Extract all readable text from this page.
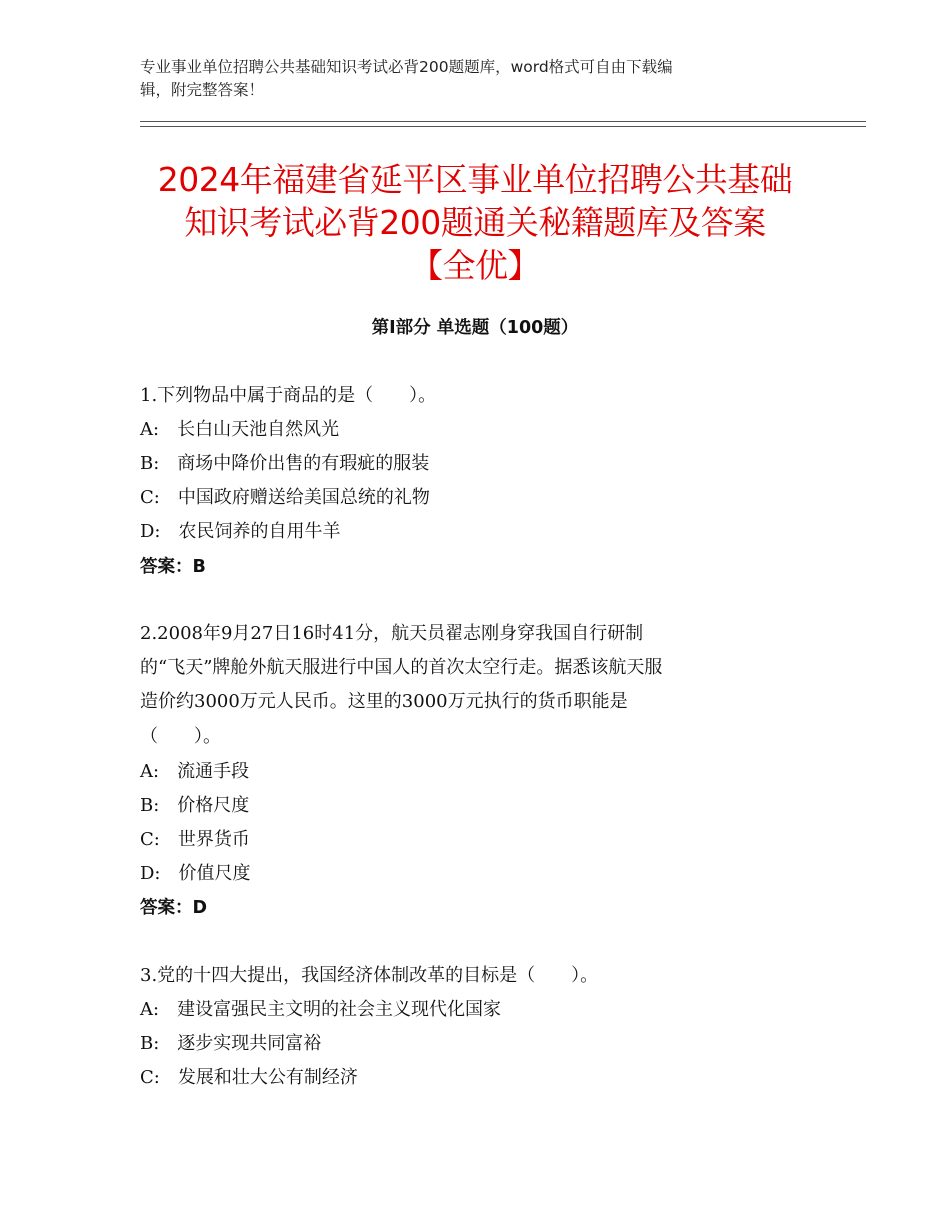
专业事业单位招聘公共基础知识考试必背200题题库，word格式可自由下载编
辑，附完整答案！
2024年福建省延平区事业单位招聘公共基础
知识考试必背200题通关秘籍题库及答案
【全优】
第Ⅰ部分 单选题（100题）
1.下列物品中属于商品的是（　　）。
A:　长白山天池自然风光
B:　商场中降价出售的有瑕疵的服装
C:　中国政府赠送给美国总统的礼物
D:　农民饲养的自用牛羊
答案：B
2.2008年9月27日16时41分，航天员翟志刚身穿我国自行研制
的“飞天”牌舱外航天服进行中国人的首次太空行走。据悉该航天服
造价约3000万元人民币。这里的3000万元执行的货币职能是
（　　）。
A:　流通手段
B:　价格尺度
C:　世界货币
D:　价值尺度
答案：D
3.党的十四大提出，我国经济体制改革的目标是（　　）。
A:　建设富强民主文明的社会主义现代化国家
B:　逐步实现共同富裕
C:　发展和壮大公有制经济
